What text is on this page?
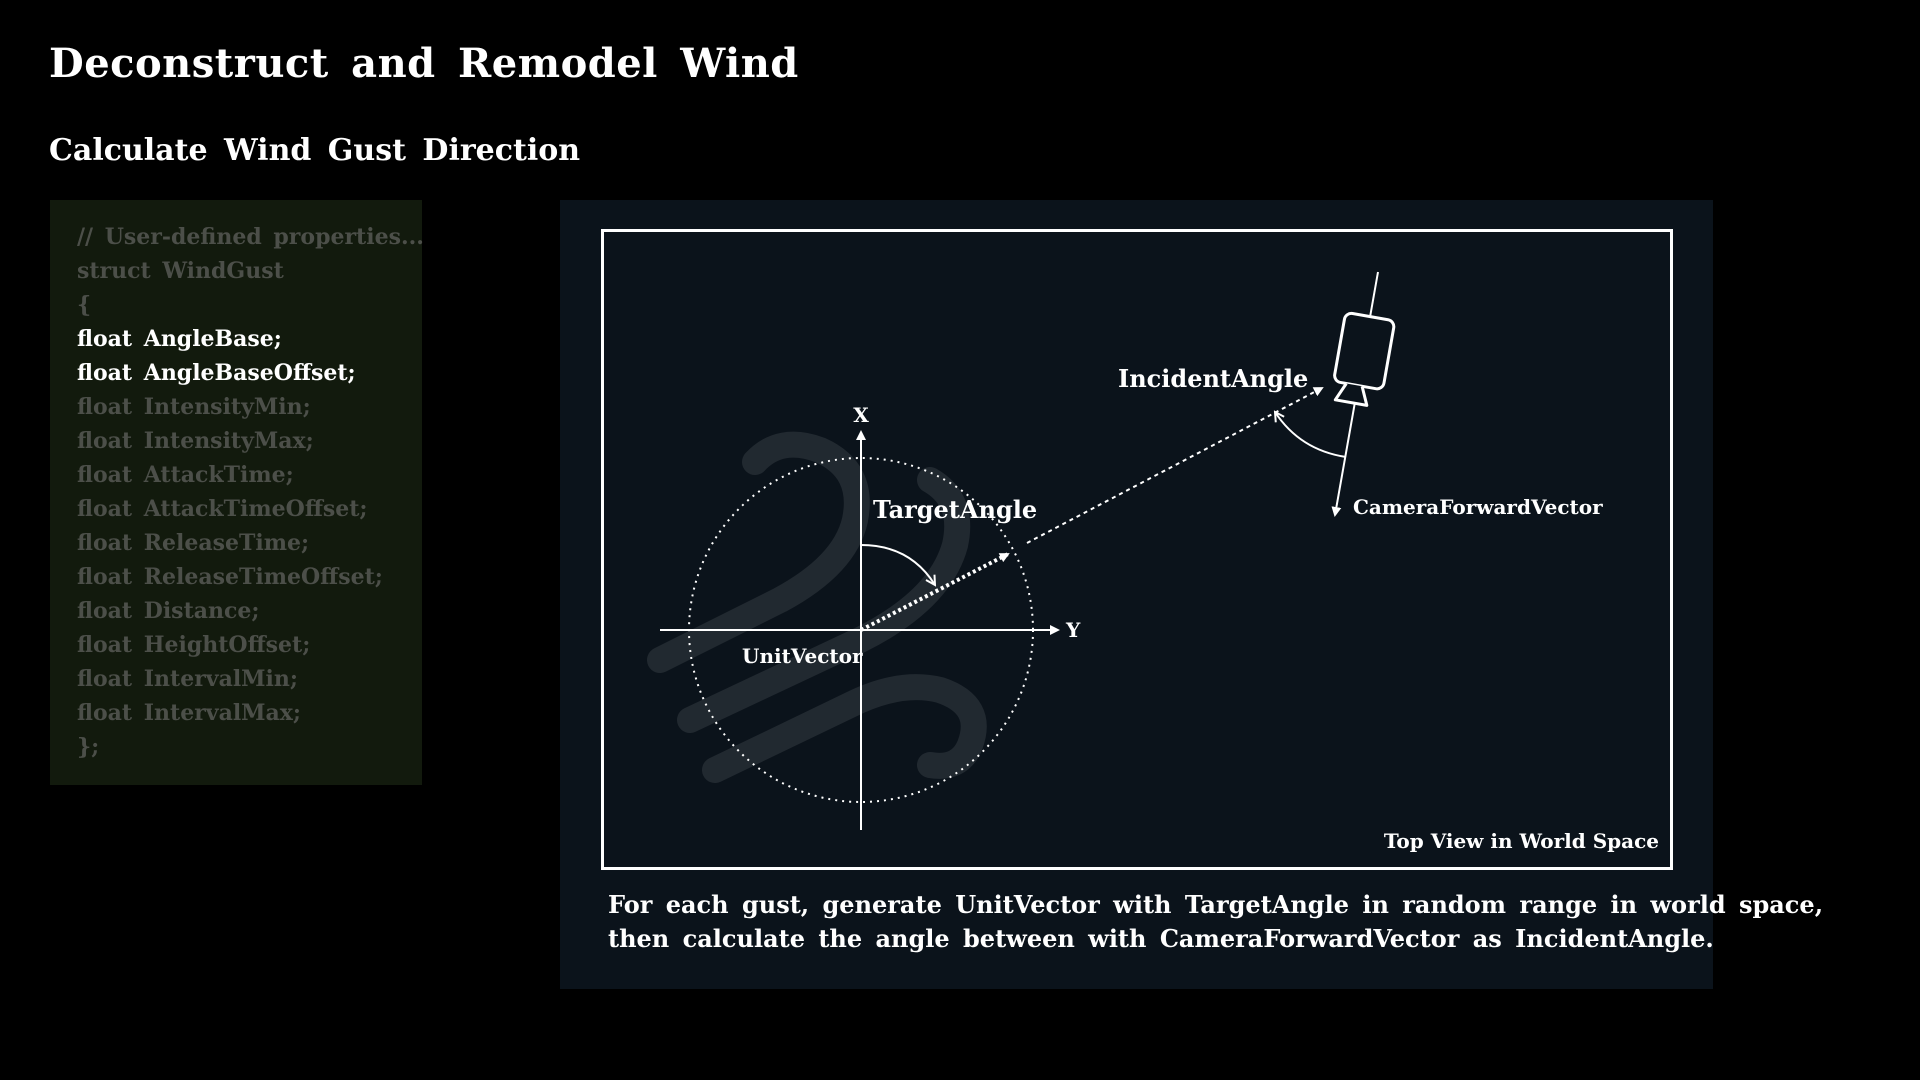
Deconstruct and Remodel Wind
Calculate Wind Gust Direction
// User-defined properties...
struct WindGust
{
float AngleBase;
float AngleBaseOffset;
float IntensityMin;
float IntensityMax;
float AttackTime;
float AttackTimeOffset;
float ReleaseTime;
float ReleaseTimeOffset;
float Distance;
float HeightOffset;
float IntervalMin;
float IntervalMax;
};
X
Y
TargetAngle
UnitVector
IncidentAngle
CameraForwardVector
Top View in World Space
For each gust, generate UnitVector with TargetAngle in random range in world space,
then calculate the angle between with CameraForwardVector as IncidentAngle.
